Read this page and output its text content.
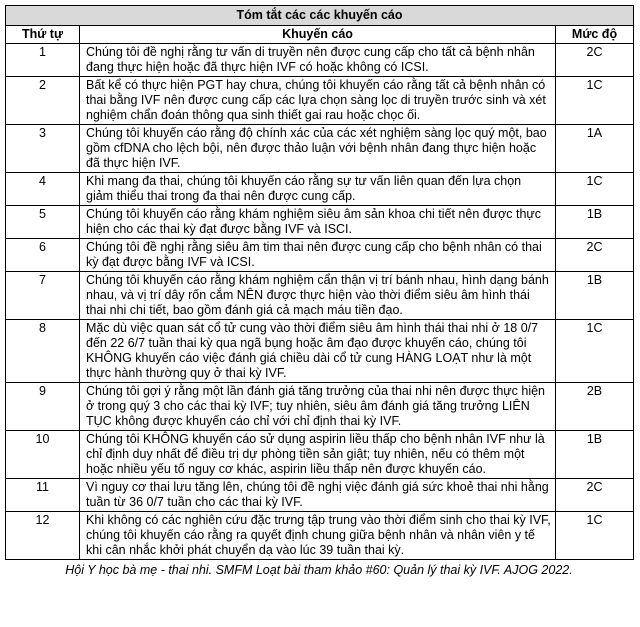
Tóm tắt các các khuyến cáo		
Thứ tự	Khuyến cáo	Mức độ
1	Chúng tôi đề nghị rằng tư vấn di truyền nên được cung cấp cho tất cả bệnh nhân đang thực hiện hoặc đã thực hiện IVF có hoặc không có ICSI.	2C
2	Bất kể có thực hiện PGT hay chưa, chúng tôi khuyến cáo rằng tất cả bệnh nhân có thai bằng IVF nên được cung cấp các lựa chọn sàng lọc di truyền trước sinh và xét nghiệm chẩn đoán thông qua sinh thiết gai rau hoặc chọc ối.	1C
3	Chúng tôi khuyến cáo rằng độ chính xác của các xét nghiệm sàng lọc quý một, bao gồm cfDNA cho lệch bội, nên được thảo luận với bệnh nhân đang thực hiện hoặc đã thực hiện IVF.	1A
4	Khi mang đa thai, chúng tôi khuyến cáo rằng sự tư vấn liên quan đến lựa chọn giảm thiểu thai trong đa thai nên được cung cấp.	1C
5	Chúng tôi khuyến cáo rằng khám nghiệm siêu âm sản khoa chi tiết nên được thực hiện cho các thai kỳ đạt được bằng IVF và ISCI.	1B
6	Chúng tôi đề nghị rằng siêu âm tim thai nên được cung cấp cho bệnh nhân có thai kỳ đạt được bằng IVF và ICSI.	2C
7	Chúng tôi khuyến cáo rằng khám nghiệm cẩn thận vị trí bánh nhau, hình dạng bánh nhau, và vị trí dây rốn cắm NÊN được thực hiện vào thời điểm siêu âm hình thái thai nhi chi tiết, bao gồm đánh giá cả mạch máu tiền đạo.	1B
8	Mặc dù việc quan sát cổ tử cung vào thời điểm siêu âm hình thái thai nhi ở 18 0/7 đến 22 6/7 tuần thai kỳ qua ngã bụng hoặc âm đạo được khuyến cáo, chúng tôi KHÔNG khuyến cáo việc đánh giá chiều dài cổ tử cung HÀNG LOẠT như là một thực hành thường quy ở thai kỳ IVF.	1C
9	Chúng tôi gợi ý rằng một lần đánh giá tăng trưởng của thai nhi nên được thực hiện ở trong quý 3 cho các thai kỳ IVF; tuy nhiên, siêu âm đánh giá tăng trưởng LIÊN TỤC không được khuyến cáo chỉ với chỉ định thai kỳ IVF.	2B
10	Chúng tôi KHÔNG khuyến cáo sử dụng aspirin liều thấp cho bệnh nhân IVF như là chỉ định duy nhất để điều trị dự phòng tiền sản giật; tuy nhiên, nếu có thêm một hoặc nhiều yếu tố nguy cơ khác, aspirin liều thấp nên được khuyến cáo.	1B
11	Vì nguy cơ thai lưu tăng lên, chúng tôi đề nghị việc đánh giá sức khoẻ thai nhi hằng tuần từ 36 0/7 tuần cho các thai kỳ IVF.	2C
12	Khi không có các nghiên cứu đặc trưng tập trung vào thời điểm sinh cho thai kỳ IVF, chúng tôi khuyến cáo rằng ra quyết định chung giữa bệnh nhân và nhân viên y tế khi cân nhắc khởi phát chuyển dạ vào lúc 39 tuần thai kỳ.	1C
Hội Y học bà mẹ - thai nhi. SMFM Loạt bài tham khảo #60: Quản lý thai kỳ IVF. AJOG 2022.
